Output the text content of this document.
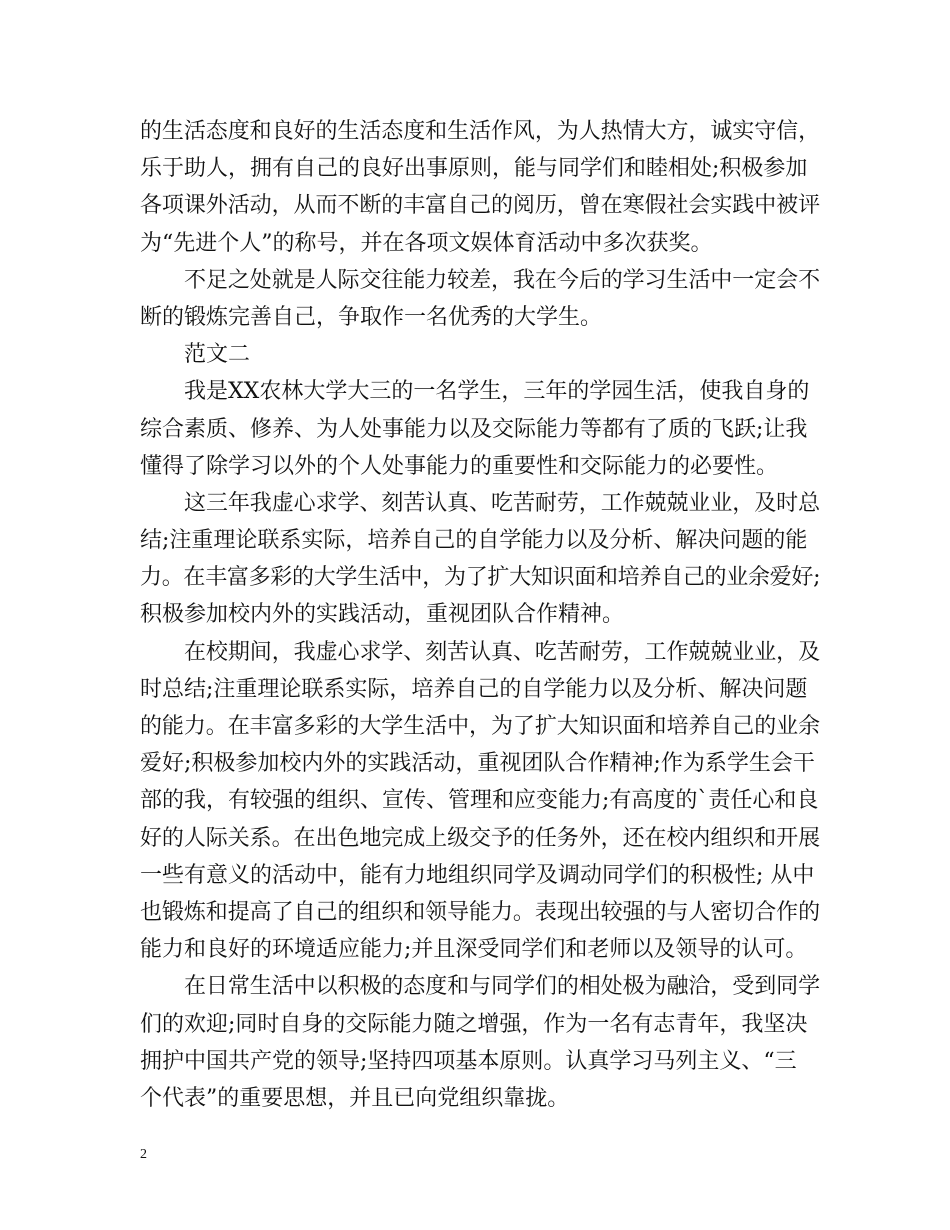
的生活态度和良好的生活态度和生活作风，为人热情大方，诚实守信，
乐于助人，拥有自己的良好出事原则，能与同学们和睦相处;积极参加
各项课外活动，从而不断的丰富自己的阅历，曾在寒假社会实践中被评
为“先进个人”的称号，并在各项文娱体育活动中多次获奖。
不足之处就是人际交往能力较差，我在今后的学习生活中一定会不
断的锻炼完善自己，争取作一名优秀的大学生。
范文二
我是XX农林大学大三的一名学生，三年的学园生活，使我自身的
综合素质、修养、为人处事能力以及交际能力等都有了质的飞跃;让我
懂得了除学习以外的个人处事能力的重要性和交际能力的必要性。
这三年我虚心求学、刻苦认真、吃苦耐劳，工作兢兢业业，及时总
结;注重理论联系实际，培养自己的自学能力以及分析、解决问题的能
力。在丰富多彩的大学生活中，为了扩大知识面和培养自己的业余爱好;
积极参加校内外的实践活动，重视团队合作精神。
在校期间，我虚心求学、刻苦认真、吃苦耐劳，工作兢兢业业，及
时总结;注重理论联系实际，培养自己的自学能力以及分析、解决问题
的能力。在丰富多彩的大学生活中，为了扩大知识面和培养自己的业余
爱好;积极参加校内外的实践活动，重视团队合作精神;作为系学生会干
部的我，有较强的组织、宣传、管理和应变能力;有高度的`责任心和良
好的人际关系。在出色地完成上级交予的任务外，还在校内组织和开展
一些有意义的活动中，能有力地组织同学及调动同学们的积极性; 从中
也锻炼和提高了自己的组织和领导能力。表现出较强的与人密切合作的
能力和良好的环境适应能力;并且深受同学们和老师以及领导的认可。
在日常生活中以积极的态度和与同学们的相处极为融洽，受到同学
们的欢迎;同时自身的交际能力随之增强，作为一名有志青年，我坚决
拥护中国共产党的领导;坚持四项基本原则。认真学习马列主义、“三
个代表”的重要思想，并且已向党组织靠拢。
2
